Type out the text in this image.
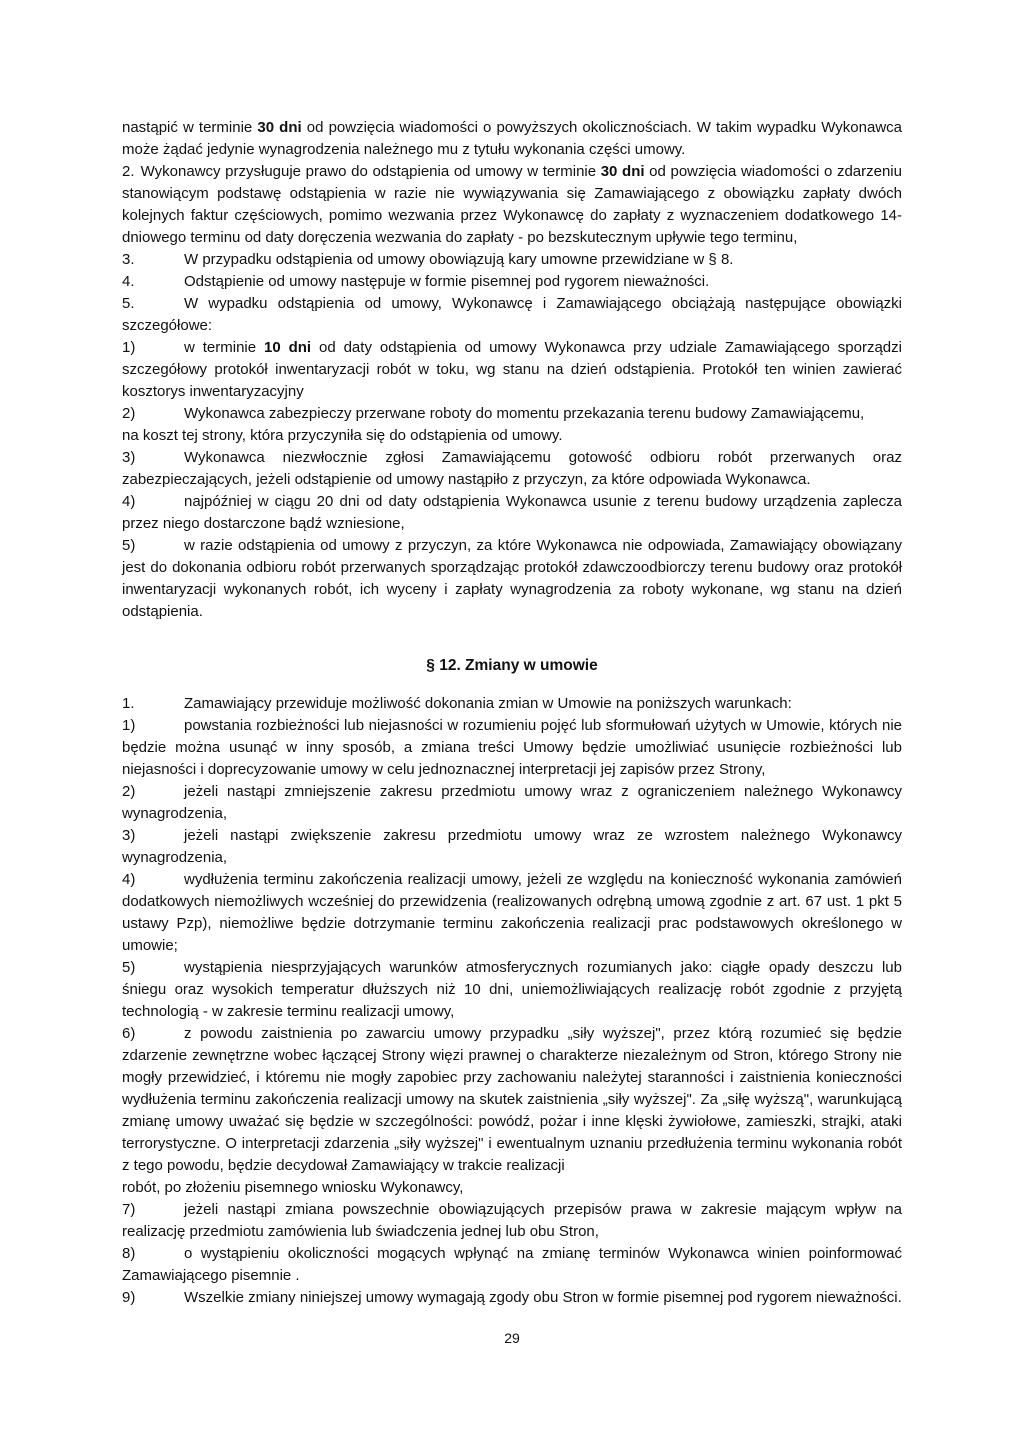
nastąpić w terminie 30 dni od powzięcia wiadomości o powyższych okolicznościach. W takim wypadku Wykonawca może żądać jedynie wynagrodzenia należnego mu z tytułu wykonania części umowy.

2. Wykonawcy przysługuje prawo do odstąpienia od umowy w terminie 30 dni od powzięcia wiadomości o zdarzeniu stanowiącym podstawę odstąpienia w razie nie wywiązywania się Zamawiającego z obowiązku zapłaty dwóch kolejnych faktur częściowych, pomimo wezwania przez Wykonawcę do zapłaty z wyznaczeniem dodatkowego 14- dniowego terminu od daty doręczenia wezwania do zapłaty - po bezskutecznym upływie tego terminu,

3.	W przypadku odstąpienia od umowy obowiązują kary umowne przewidziane w § 8.

4.	Odstąpienie od umowy następuje w formie pisemnej pod rygorem nieważności.

5.	W wypadku odstąpienia od umowy, Wykonawcę i Zamawiającego obciążają następujące obowiązki szczegółowe:

1)	w terminie 10 dni od daty odstąpienia od umowy Wykonawca przy udziale Zamawiającego sporządzi szczegółowy protokół inwentaryzacji robót w toku, wg stanu na dzień odstąpienia. Protokół ten winien zawierać kosztorys inwentaryzacyjny

2)	Wykonawca zabezpieczy przerwane roboty do momentu przekazania terenu budowy Zamawiającemu,
na koszt tej strony, która przyczyniła się do odstąpienia od umowy.

3)	Wykonawca niezwłocznie zgłosi Zamawiającemu gotowość odbioru robót przerwanych oraz zabezpieczających, jeżeli odstąpienie od umowy nastąpiło z przyczyn, za które odpowiada Wykonawca.

4)	najpóźniej w ciągu 20 dni od daty odstąpienia Wykonawca usunie z terenu budowy urządzenia zaplecza przez niego dostarczone bądź wzniesione,

5)	w razie odstąpienia od umowy z przyczyn, za które Wykonawca nie odpowiada, Zamawiający obowiązany jest do dokonania odbioru robót przerwanych sporządzając protokół zdawczoodbiorczy terenu budowy oraz protokół inwentaryzacji wykonanych robót, ich wyceny i zapłaty wynagrodzenia za roboty wykonane, wg stanu na dzień odstąpienia.

§ 12. Zmiany w umowie

1.	Zamawiający przewiduje możliwość dokonania zmian w Umowie na poniższych warunkach:

1)	powstania rozbieżności lub niejasności w rozumieniu pojęć lub sformułowań użytych w Umowie, których nie będzie można usunąć w inny sposób, a zmiana treści Umowy będzie umożliwiać usunięcie rozbieżności lub niejasności i doprecyzowanie umowy w celu jednoznacznej interpretacji jej zapisów przez Strony,

2)	jeżeli nastąpi zmniejszenie zakresu przedmiotu umowy wraz z ograniczeniem należnego Wykonawcy wynagrodzenia,

3)	jeżeli nastąpi zwiększenie zakresu przedmiotu umowy wraz ze wzrostem należnego Wykonawcy wynagrodzenia,

4)	wydłużenia terminu zakończenia realizacji umowy, jeżeli ze względu na konieczność wykonania zamówień dodatkowych niemożliwych wcześniej do przewidzenia (realizowanych odrębną umową zgodnie z art. 67 ust. 1 pkt 5 ustawy Pzp), niemożliwe będzie dotrzymanie terminu zakończenia realizacji prac podstawowych określonego w umowie;

5)	wystąpienia niesprzyjających warunków atmosferycznych rozumianych jako: ciągłe opady deszczu lub śniegu oraz wysokich temperatur dłuższych niż 10 dni, uniemożliwiających realizację robót zgodnie z przyjętą technologią - w zakresie terminu realizacji umowy,

6)	z powodu zaistnienia po zawarciu umowy przypadku „siły wyższej", przez którą rozumieć się będzie zdarzenie zewnętrzne wobec łączącej Strony więzi prawnej o charakterze niezależnym od Stron, którego Strony nie mogły przewidzieć, i któremu nie mogły zapobiec przy zachowaniu należytej staranności i zaistnienia konieczności wydłużenia terminu zakończenia realizacji umowy na skutek zaistnienia „siły wyższej". Za „siłę wyższą", warunkującą zmianę umowy uważać się będzie w szczególności: powódź, pożar i inne klęski żywiołowe, zamieszki, strajki, ataki terrorystyczne. O interpretacji zdarzenia „siły wyższej" i ewentualnym uznaniu przedłużenia terminu wykonania robót z tego powodu, będzie decydował Zamawiający w trakcie realizacji
robót, po złożeniu pisemnego wniosku Wykonawcy,

7)	jeżeli nastąpi zmiana powszechnie obowiązujących przepisów prawa w zakresie mającym wpływ na realizację przedmiotu zamówienia lub świadczenia jednej lub obu Stron,

8)	o wystąpieniu okoliczności mogących wpłynąć na zmianę terminów Wykonawca winien poinformować Zamawiającego pisemnie .

9)	Wszelkie zmiany niniejszej umowy wymagają zgody obu Stron w formie pisemnej pod rygorem nieważności.

29
